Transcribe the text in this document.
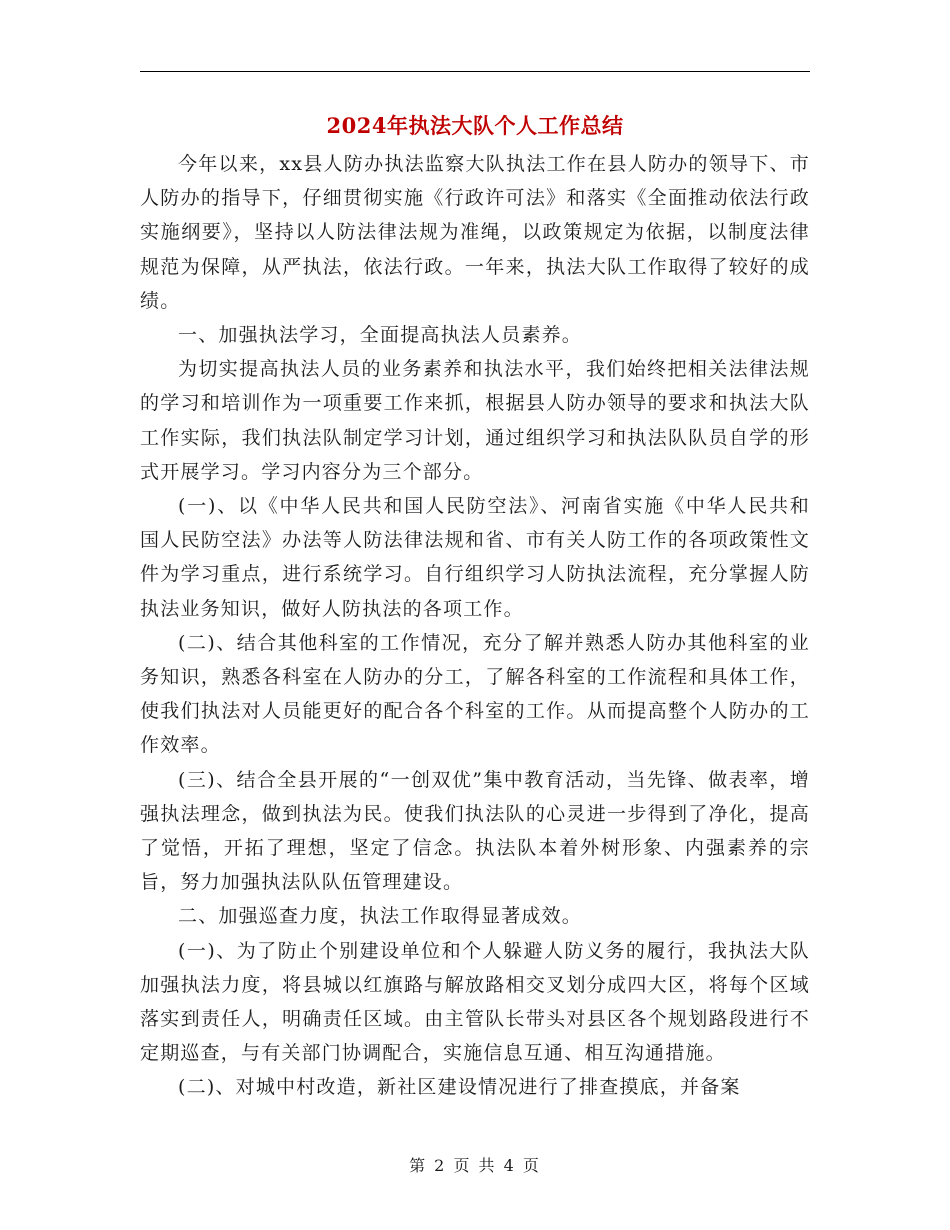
2024年执法大队个人工作总结

今年以来，xx县人防办执法监察大队执法工作在县人防办的领导下、市人防办的指导下，仔细贯彻实施《行政许可法》和落实《全面推动依法行政实施纲要》，坚持以人防法律法规为准绳，以政策规定为依据，以制度法律规范为保障，从严执法，依法行政。一年来，执法大队工作取得了较好的成绩。

一、加强执法学习，全面提高执法人员素养。

为切实提高执法人员的业务素养和执法水平，我们始终把相关法律法规的学习和培训作为一项重要工作来抓，根据县人防办领导的要求和执法大队工作实际，我们执法队制定学习计划，通过组织学习和执法队队员自学的形式开展学习。学习内容分为三个部分。

(一)、以《中华人民共和国人民防空法》、河南省实施《中华人民共和国人民防空法》办法等人防法律法规和省、市有关人防工作的各项政策性文件为学习重点，进行系统学习。自行组织学习人防执法流程，充分掌握人防执法业务知识，做好人防执法的各项工作。

(二)、结合其他科室的工作情况，充分了解并熟悉人防办其他科室的业务知识，熟悉各科室在人防办的分工，了解各科室的工作流程和具体工作，使我们执法对人员能更好的配合各个科室的工作。从而提高整个人防办的工作效率。

(三)、结合全县开展的“一创双优”集中教育活动，当先锋、做表率，增强执法理念，做到执法为民。使我们执法队的心灵进一步得到了净化，提高了觉悟，开拓了理想，坚定了信念。执法队本着外树形象、内强素养的宗旨，努力加强执法队队伍管理建设。

二、加强巡查力度，执法工作取得显著成效。

(一)、为了防止个别建设单位和个人躲避人防义务的履行，我执法大队加强执法力度，将县城以红旗路与解放路相交叉划分成四大区，将每个区域落实到责任人，明确责任区域。由主管队长带头对县区各个规划路段进行不定期巡查，与有关部门协调配合，实施信息互通、相互沟通措施。

(二)、对城中村改造，新社区建设情况进行了排查摸底，并备案

第 2 页 共 4 页
